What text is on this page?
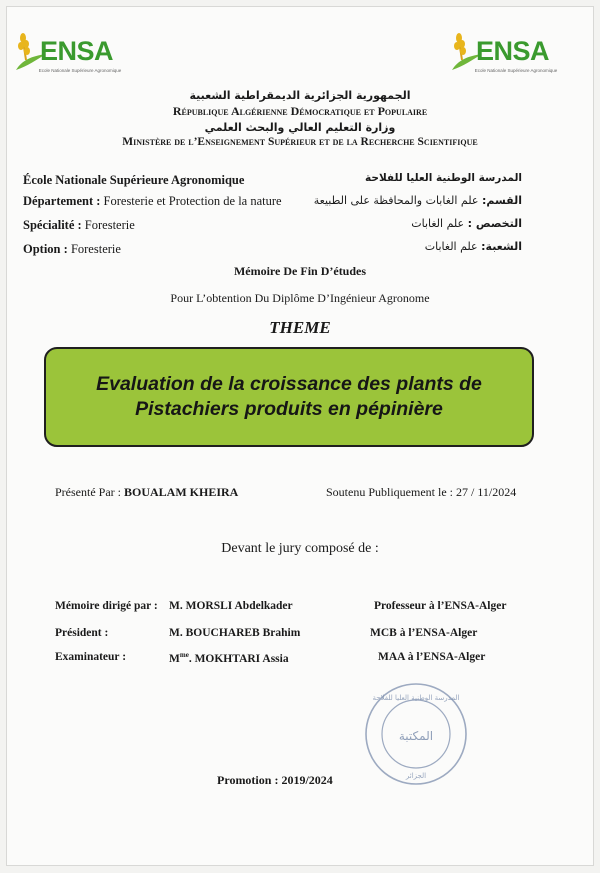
ENSA
Ecole Nationale Supérieure Agronomique
ENSA
Ecole Nationale Supérieure Agronomique
الجمهورية الجزائرية الديمقراطية الشعبية
République Algérienne Démocratique et Populaire
وزارة التعليم العالي والبحث العلمي
Ministère de l’Enseignement Supérieur et de la Recherche Scientifique
École Nationale Supérieure Agronomique	المدرسة الوطنية العليا للفلاحة
Département : Foresterie et Protection de la nature	القسم: علم الغابات والمحافظة على الطبيعة
Spécialité : Foresterie	التخصص : علم الغابات
Option : Foresterie	الشعبة: علم الغابات
Mémoire De Fin D’études
Pour L’obtention Du Diplôme D’Ingénieur Agronome
THEME
Evaluation de la croissance des plants de
Pistachiers produits en pépinière
Présenté Par : BOUALAM KHEIRA	Soutenu Publiquement le : 27 / 11/2024
Devant le jury composé de :
Mémoire dirigé par : M. MORSLI Abdelkader	Professeur à l’ENSA-Alger
Président :	M. BOUCHAREB Brahim	MCB à l’ENSA-Alger
Examinateur :	$M^{me}$. MOKHTARI Assia	MAA à l’ENSA-Alger
Promotion : 2019/2024
المدرسة الوطنية العليا للفلاحة
المكتبة
الجزائر
